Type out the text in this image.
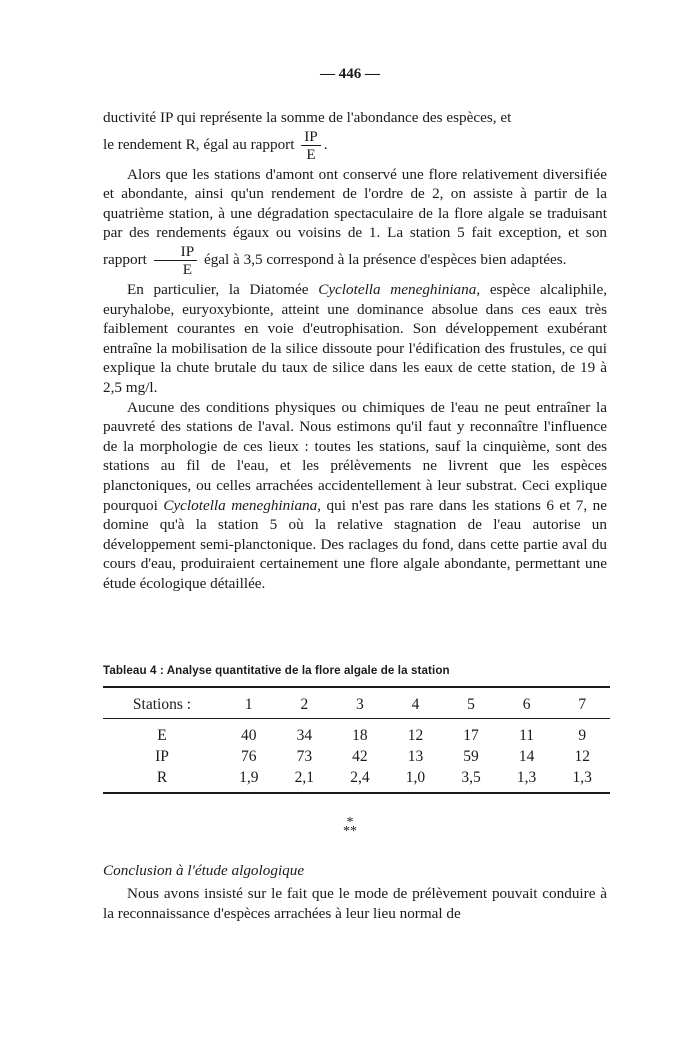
— 446 —

ductivité IP qui représente la somme de l'abondance des espèces, et
le rendement R, égal au rapport $\frac{IP}{E}$ .

Alors que les stations d'amont ont conservé une flore relativement diversifiée et abondante, ainsi qu'un rendement de l'ordre de 2, on assiste à partir de la quatrième station, à une dégradation spectaculaire de la flore algale se traduisant par des rendements égaux ou voisins de 1. La station 5 fait exception, et son rapport $\frac{IP}{E}$ égal à 3,5 correspond à la présence d'espèces bien adaptées.

En particulier, la Diatomée Cyclotella meneghiniana, espèce alcaliphile, euryhalobe, euryoxybionte, atteint une dominance absolue dans ces eaux très faiblement courantes en voie d'eutrophisation. Son développement exubérant entraîne la mobilisation de la silice dissoute pour l'édification des frustules, ce qui explique la chute brutale du taux de silice dans les eaux de cette station, de 19 à 2,5 mg/l.

Aucune des conditions physiques ou chimiques de l'eau ne peut entraîner la pauvreté des stations de l'aval. Nous estimons qu'il faut y reconnaître l'influence de la morphologie de ces lieux : toutes les stations, sauf la cinquième, sont des stations au fil de l'eau, et les prélèvements ne livrent que les espèces planctoniques, ou celles arrachées accidentellement à leur substrat. Ceci explique pourquoi Cyclotella meneghiniana, qui n'est pas rare dans les stations 6 et 7, ne domine qu'à la station 5 où la relative stagnation de l'eau autorise un développement semi-planctonique. Des raclages du fond, dans cette partie aval du cours d'eau, produiraient certainement une flore algale abondante, permettant une étude écologique détaillée.

Tableau 4 : Analyse quantitative de la flore algale de la station
Stations :	1	2	3	4	5	6	7

E	40	34	18	12	17	11	9
IP	76	73	42	13	59	14	12
R	1,9	2,1	2,4	1,0	3,5	1,3	1,3
*
**
Conclusion à l'étude algologique

Nous avons insisté sur le fait que le mode de prélèvement pouvait conduire à la reconnaissance d'espèces arrachées à leur lieu normal de
